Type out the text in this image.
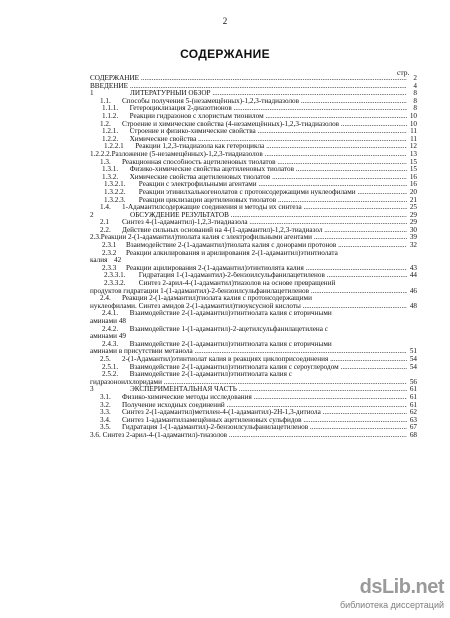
2
СОДЕРЖАНИЕ
стр.
СОДЕРЖАНИЕ .....	2
ВВЕДЕНИЕ .....	4
1	ЛИТЕРАТУРНЫЙ ОБЗОР .....	8
1.1. Способы получения 5-(незамещённых)-1,2,3-тиадиазолов .....	8
1.1.1. Гетероциклизация 2-диазотионов .....	8
1.1.2. Реакции гидразонов с хлористым тионилом .....	10
1.2. Строение и химические свойства (4-незамещённых)-1,2,3-тиадиазолов .....	10
1.2.1. Строение и физико-химические свойства .....	11
1.2.2. Химические свойства .....	11
1.2.2.1 Реакции 1,2,3-тиадиазола как гетероцикла .....	12
1.2.2.2.Разложение (5-незамещённых)-1,2,3-тиадиазолов .....	13
1.3. Реакционная способность ацетиленовых тиолатов .....	15
1.3.1. Физико-химические свойства ацетиленовых тиолатов .....	15
1.3.2. Химические свойства ацетиленовых тиолатов .....	16
1.3.2.1. Реакции с электрофильными агентами .....	16
1.3.2.2. Реакции этинилхалькогенолатов с протонсодержащими нуклеофилами .....	20
1.3.2.3. Реакции циклизации ацетиленовых тиолатов .....	21
1.4. 1-Адамантилсодержащие соединения и методы их синтеза .....	25
2	ОБСУЖДЕНИЕ РЕЗУЛЬТАТОВ .....	29
2.1 Синтез 4-(1-адамантил)-1,2,3-тиадиазола .....	29
2.2. Действие сильных оснований на 4-(1-адамантил)-1,2,3-тиадиазол .....	30
2.3.Реакции 2-(1-адамантил)тиолата калия с электрофильными агентами .....	39
2.3.1 Взаимодействие 2-(1-адамантил)тиолата калия с донорами протонов .....	32
2.3.2 Реакции алкилирования и арилирования 2-(1-адамантил)этинтиолата
калия 42
2.3.3 Реакции ацилирования 2-(1-адамантил)этинтиолята калия .....	43
2.3.3.1. Гидратация 1-(1-адамантил)-2-бензоилсульфанилацетиленов .....	44
2.3.3.2. Синтез 2-арил-4-(1-адамантил)тиазолов на основе превращений
продуктов гидратации 1-(1-адамантил)-2-бензоилсульфанилацетиленов .....	46
2.4. Реакции 2-(1-адамантил)тиолата калия с протонсодержащими
нуклеофилами. Синтез амидов 2-(1-адамантил)тиоуксусной кислоты .....	48
2.4.1. Взаимодействие 2-(1-адамантил)этинтиолата калия с вторичными
аминами 48
2.4.2. Взаимодействие 1-(1-адамантил)-2-ацетилсульфанилацетилена с
аминами 49
2.4.3. Взаимодействие 2-(1-адамантил)этинтиолата калия с вторичными
аминами в присутствии метанола .....	51
2.5. 2-(1-Адамантил)этинтиолат калия в реакциях циклоприсоединения .....	54
2.5.1. Взаимодействие 2-(1-адамантил)этинтиолата калия с сероуглеродом .....	54
2.5.2. Взаимодействие 2-(1-адамантил)этинтиолата калия с
гидразоноилхлоридами .....	56
3	ЭКСПЕРИМЕНТАЛЬНАЯ ЧАСТЬ .....	61
3.1. Физико-химические методы исследования .....	61
3.2. Получение исходных соединений .....	61
3.3. Синтез 2-(1-адамантил)метилен-4-(1-адамантил)-2H-1,3-дитиола .....	62
3.4. Синтез 1-адамантилзамещённых ацетиленовых сульфидов .....	63
3.5. Гидратация 1-(1-адамантил)-2-бензоилсульфанилацетиленов .....	67
3.6. Синтез 2-арил-4-(1-адамантил)-тиазолов .....	68
dsLib.net
библиотека диссертаций
